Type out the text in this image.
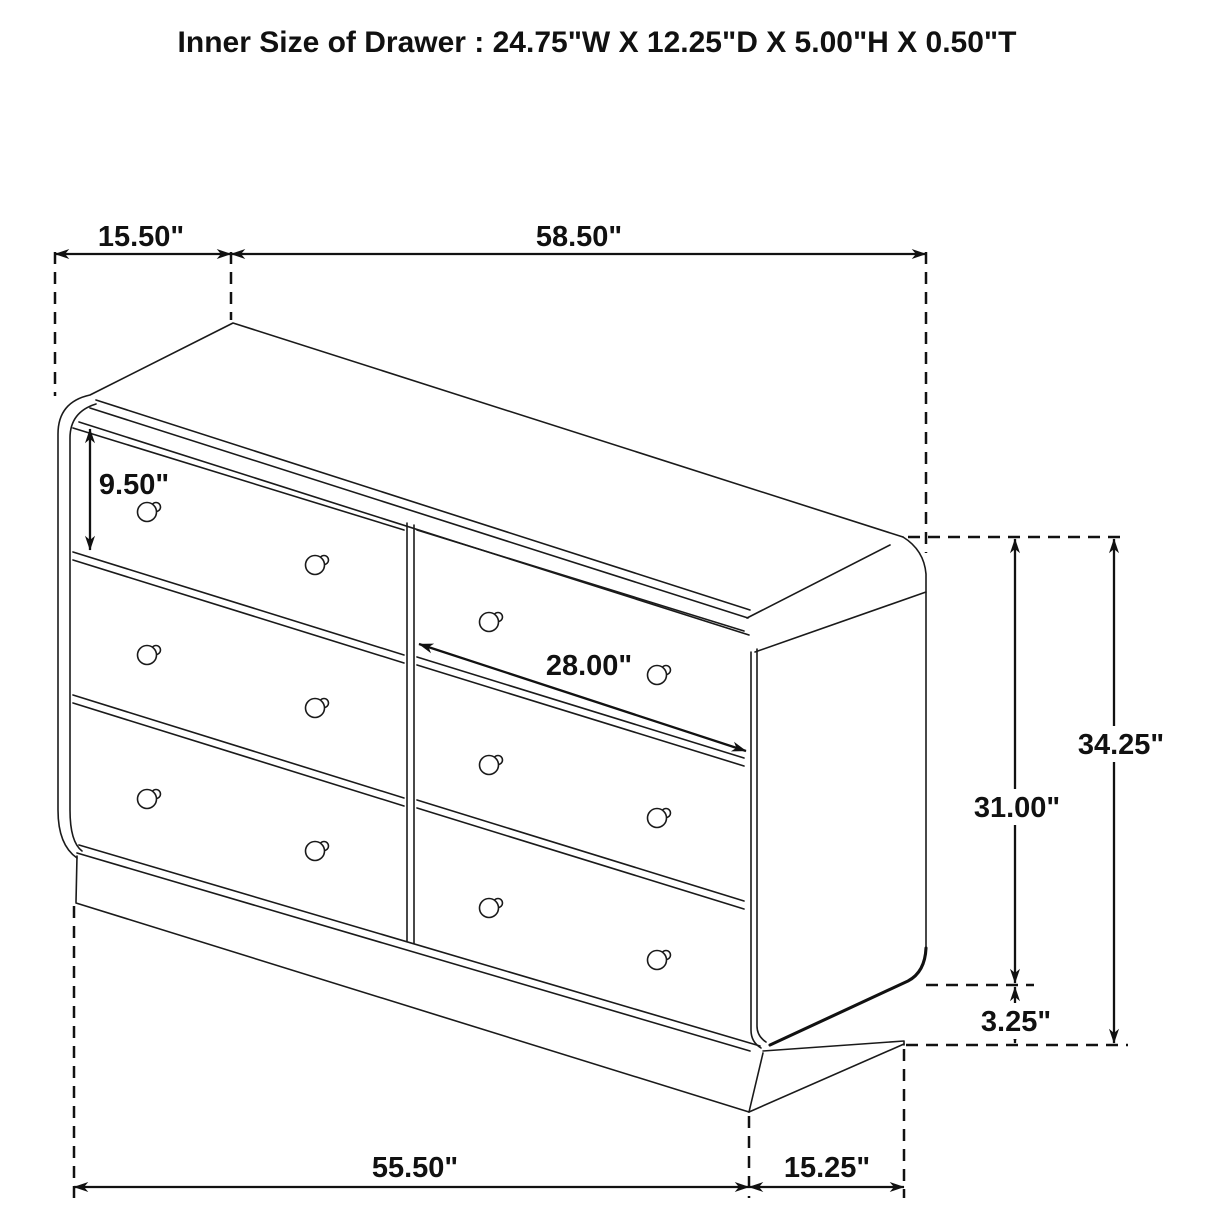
15.50"	58.50"
9.50"
28.00"
31.00"
34.25"
3.25"
55.50"	15.25"
Inner Size of Drawer : 24.75"W X 12.25"D X 5.00"H X 0.50"T
